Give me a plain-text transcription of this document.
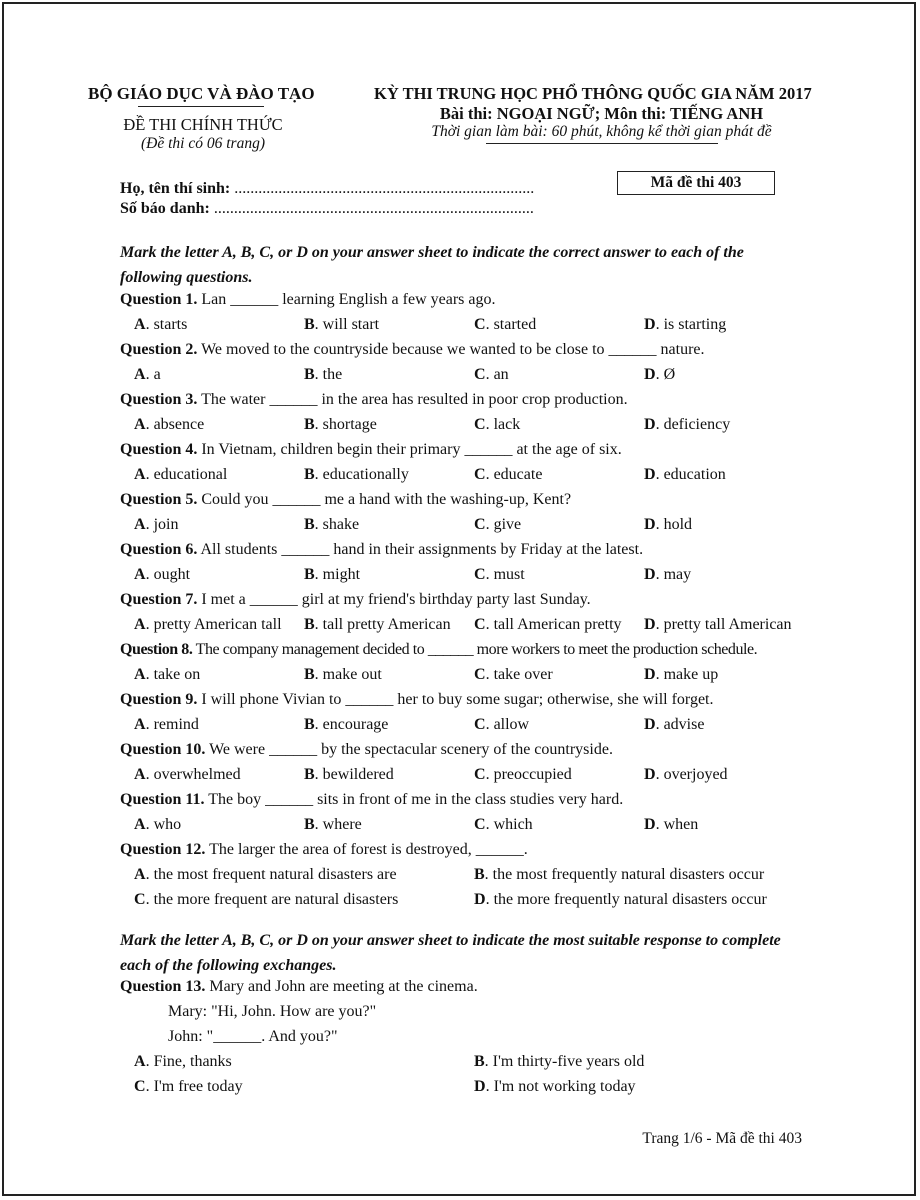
BỘ GIÁO DỤC VÀ ĐÀO TẠO
ĐỀ THI CHÍNH THỨC
(Đề thi có 06 trang)
KỲ THI TRUNG HỌC PHỔ THÔNG QUỐC GIA NĂM 2017
Bài thi: NGOẠI NGỮ; Môn thi: TIẾNG ANH
Thời gian làm bài: 60 phút, không kể thời gian phát đề
Họ, tên thí sinh: ...........................................................................
Số báo danh: ................................................................................
Mã đề thi 403
Mark the letter A, B, C, or D on your answer sheet to indicate the correct answer to each of the following questions.
Question 1. Lan ______ learning English a few years ago.
A. starts	B. will start	C. started	D. is starting
Question 2. We moved to the countryside because we wanted to be close to ______ nature.
A. a	B. the	C. an	D. Ø
Question 3. The water ______ in the area has resulted in poor crop production.
A. absence	B. shortage	C. lack	D. deficiency
Question 4. In Vietnam, children begin their primary ______ at the age of six.
A. educational	B. educationally	C. educate	D. education
Question 5. Could you ______ me a hand with the washing-up, Kent?
A. join	B. shake	C. give	D. hold
Question 6. All students ______ hand in their assignments by Friday at the latest.
A. ought	B. might	C. must	D. may
Question 7. I met a ______ girl at my friend's birthday party last Sunday.
A. pretty American tall B. tall pretty American C. tall American pretty D. pretty tall American
Question 8. The company management decided to ______ more workers to meet the production schedule.
A. take on	B. make out	C. take over	D. make up
Question 9. I will phone Vivian to ______ her to buy some sugar; otherwise, she will forget.
A. remind	B. encourage	C. allow	D. advise
Question 10. We were ______ by the spectacular scenery of the countryside.
A. overwhelmed	B. bewildered	C. preoccupied	D. overjoyed
Question 11. The boy ______ sits in front of me in the class studies very hard.
A. who	B. where	C. which	D. when
Question 12. The larger the area of forest is destroyed, ______.
A. the most frequent natural disasters are	B. the most frequently natural disasters occur
C. the more frequent are natural disasters	D. the more frequently natural disasters occur
Mark the letter A, B, C, or D on your answer sheet to indicate the most suitable response to complete each of the following exchanges.
Question 13. Mary and John are meeting at the cinema.
Mary: "Hi, John. How are you?"
John: "______. And you?"
A. Fine, thanks	B. I'm thirty-five years old
C. I'm free today	D. I'm not working today
Trang 1/6 - Mã đề thi 403
